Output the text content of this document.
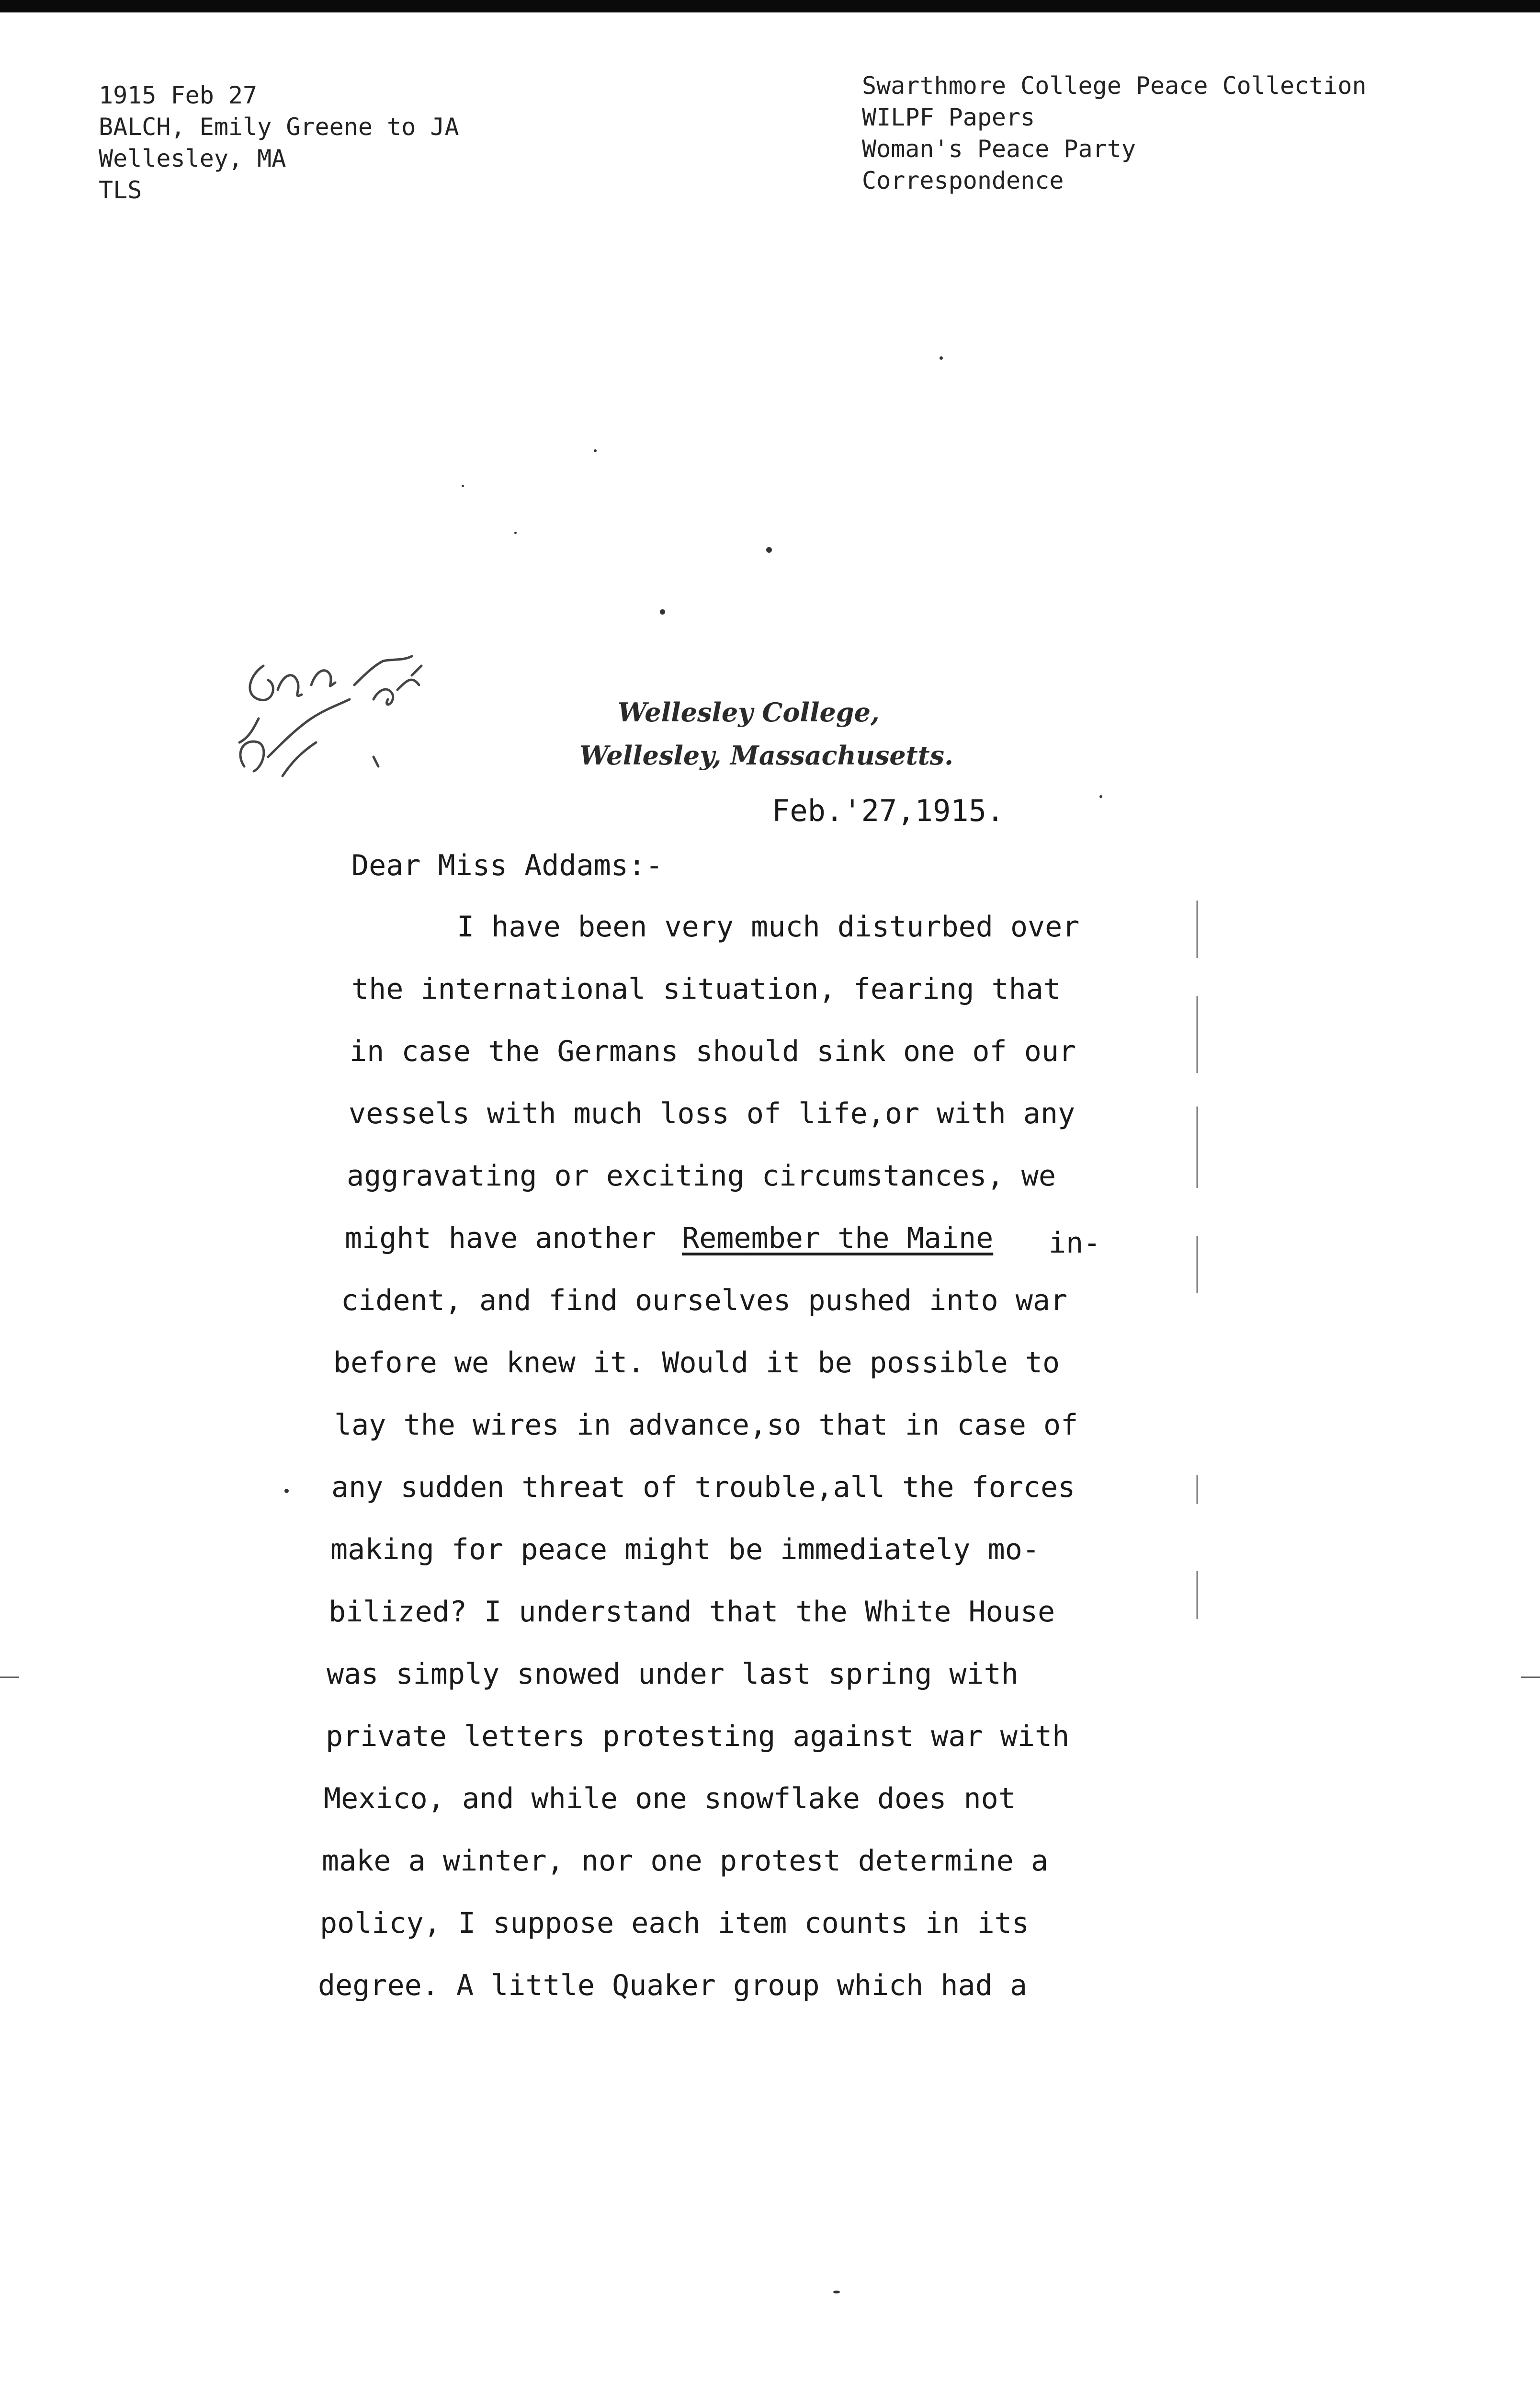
1915 Feb 27
BALCH, Emily Greene to JA
Wellesley, MA
TLS
Swarthmore College Peace Collection
WILPF Papers
Woman's Peace Party
Correspondence
Wellesley College,
Wellesley, Massachusetts.
Feb.'27,1915.
Dear Miss Addams:-
I have been very much disturbed over
the international situation, fearing that
in case the Germans should sink one of our
vessels with much loss of life,or with any
aggravating or exciting circumstances, we
might have another Remember the Maine in-
cident, and find ourselves pushed into war
before we knew it. Would it be possible to
lay the wires in advance,so that in case of
any sudden threat of trouble,all the forces
making for peace might be immediately mo-
bilized? I understand that the White House
was simply snowed under last spring with
private letters protesting against war with
Mexico, and while one snowflake does not
make a winter, nor one protest determine a
policy, I suppose each item counts in its
degree. A little Quaker group which had a
